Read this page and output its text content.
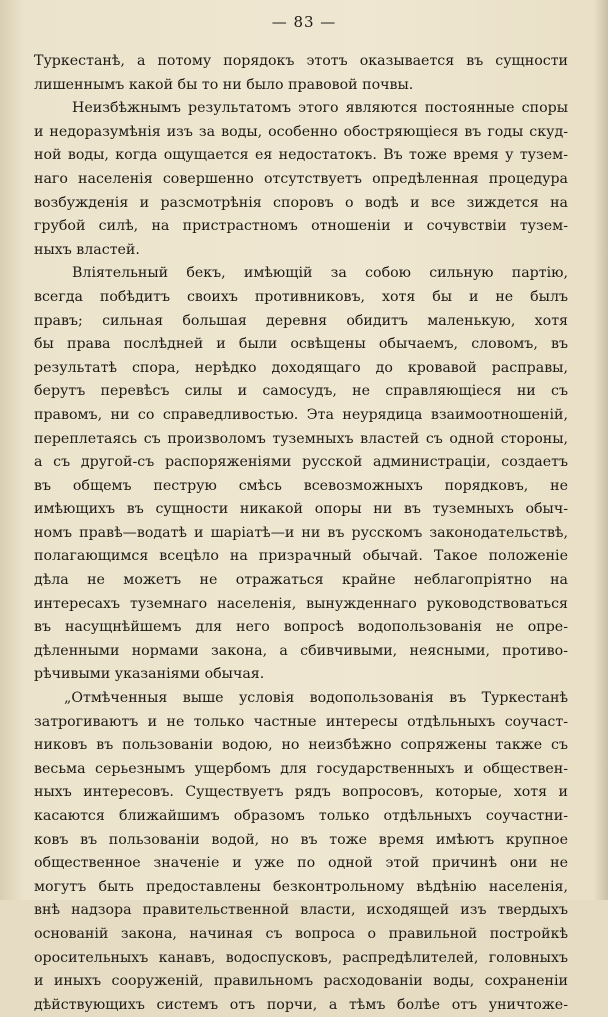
— 83 —
Туркестанѣ, а потому порядокъ этотъ оказывается въ сущности
лишеннымъ какой бы то ни было правовой почвы.
Неизбѣжнымъ результатомъ этого являются постоянные споры
и недоразумѣнія изъ за воды, особенно обостряющіеся въ годы скуд-
ной воды, когда ощущается ея недостатокъ. Въ тоже время у тузем-
наго населенія совершенно отсутствуетъ опредѣленная процедура
возбужденія и разсмотрѣнія споровъ о водѣ и все зиждется на
грубой силѣ, на пристрастномъ отношеніи и сочувствіи тузем-
ныхъ властей.
Вліятельный бекъ, имѣющій за собою сильную партію,
всегда побѣдитъ своихъ противниковъ, хотя бы и не былъ
правъ; сильная большая деревня обидитъ маленькую, хотя
бы права послѣдней и были освѣщены обычаемъ, словомъ, въ
результатѣ спора, нерѣдко доходящаго до кровавой расправы,
берутъ перевѣсъ силы и самосудъ, не справляющіеся ни съ
правомъ, ни со справедливостью. Эта неурядица взаимоотношеній,
переплетаясь съ произволомъ туземныхъ властей съ одной стороны,
а съ другой-съ распоряженіями русской администраціи, создаетъ
въ общемъ пеструю смѣсь всевозможныхъ порядковъ, не
имѣющихъ въ сущности никакой опоры ни въ туземныхъ обыч-
номъ правѣ—водатѣ и шаріатѣ—и ни въ русскомъ законодательствѣ,
полагающимся всецѣло на призрачный обычай. Такое положеніе
дѣла не можетъ не отражаться крайне неблагопріятно на
интересахъ туземнаго населенія, вынужденнаго руководствоваться
въ насущнѣйшемъ для него вопросѣ водопользованія не опре-
дѣленными нормами закона, а сбивчивыми, неясными, противо-
рѣчивыми указаніями обычая.
„Отмѣченныя выше условія водопользованія въ Туркестанѣ
затрогиваютъ и не только частные интересы отдѣльныхъ соучаст-
никовъ въ пользованіи водою, но неизбѣжно сопряжены также съ
весьма серьезнымъ ущербомъ для государственныхъ и обществен-
ныхъ интересовъ. Существуетъ рядъ вопросовъ, которые, хотя и
касаются ближайшимъ образомъ только отдѣльныхъ соучастни-
ковъ въ пользованіи водой, но въ тоже время имѣютъ крупное
общественное значеніе и уже по одной этой причинѣ они не
могутъ быть предоставлены безконтрольному вѣдѣнію населенія,
внѣ надзора правительственной власти, исходящей изъ твердыхъ
основаній закона, начиная съ вопроса о правильной постройкѣ
оросительныхъ канавъ, водоспусковъ, распредѣлителей, головныхъ
и иныхъ сооруженій, правильномъ расходованіи воды, сохраненіи
дѣйствующихъ системъ отъ порчи, а тѣмъ болѣе отъ уничтоже-
